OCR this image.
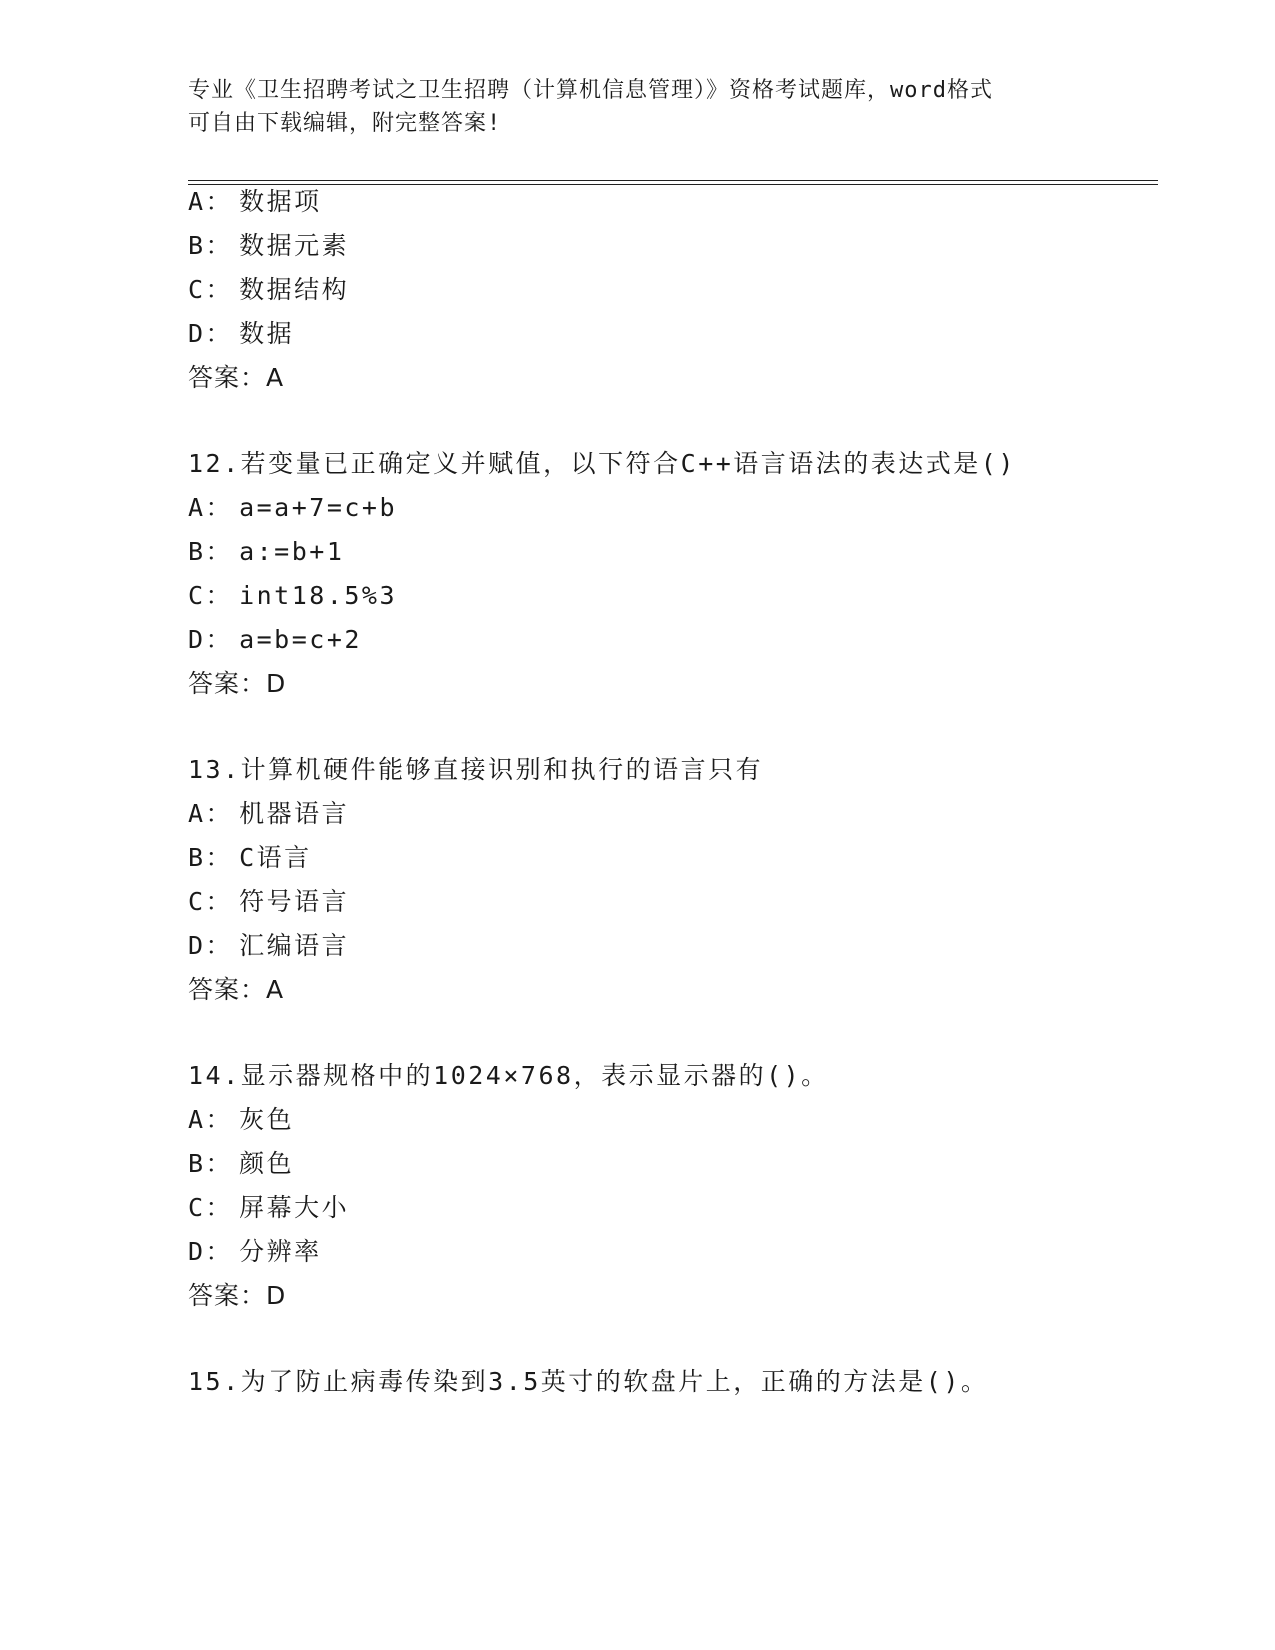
专业《卫生招聘考试之卫生招聘（计算机信息管理）》资格考试题库，word格式
可自由下载编辑，附完整答案!
A： 数据项
B： 数据元素
C： 数据结构
D： 数据
答案：A
12.若变量已正确定义并赋值，以下符合C++语言语法的表达式是()
A： a=a+7=c+b
B： a:=b+1
C： int18.5%3
D： a=b=c+2
答案：D
13.计算机硬件能够直接识别和执行的语言只有
A： 机器语言
B： C语言
C： 符号语言
D： 汇编语言
答案：A
14.显示器规格中的1024×768，表示显示器的()。
A： 灰色
B： 颜色
C： 屏幕大小
D： 分辨率
答案：D
15.为了防止病毒传染到3.5英寸的软盘片上，正确的方法是()。
